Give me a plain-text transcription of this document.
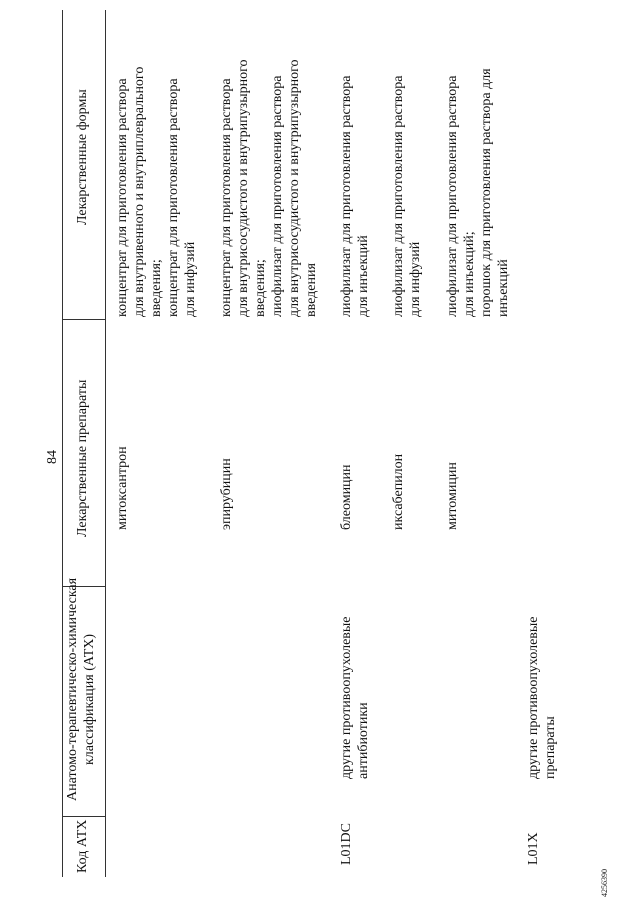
84
Код АТХ
Анатомо-терапевтическо-химическая классификация (АТХ)
Лекарственные препараты
Лекарственные формы
митоксантрон
концентрат для приготовления раствора для внутривенного и внутриплеврального введения; концентрат для приготовления раствора для инфузий
эпирубицин
концентрат для приготовления раствора для внутрисосудистого и внутрипузырного введения; лиофилизат для приготовления раствора для внутрисосудистого и внутрипузырного введения
L01DC
другие противоопухолевые антибиотики
блеомицин
лиофилизат для приготовления раствора для инъекций
иксабепилон
лиофилизат для приготовления раствора для инфузий
митомицин
лиофилизат для приготовления раствора для инъекций; порошок для приготовления раствора для инъекций
L01X
другие противоопухолевые препараты
4256390
